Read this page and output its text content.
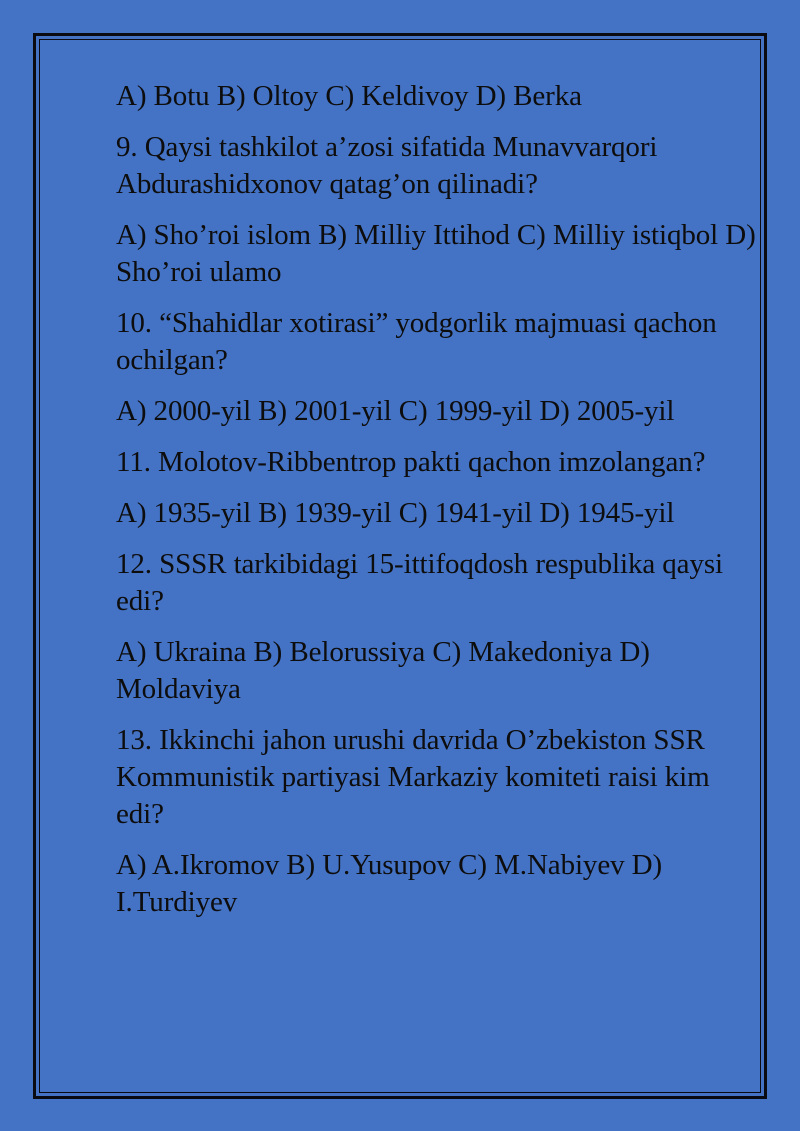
A) Botu B) Oltoy C) Keldivoy D) Berka

9. Qaysi tashkilot a’zosi sifatida Munavvarqori Abdurashidxonov qatag’on qilinadi?

A) Sho’roi islom B) Milliy Ittihod C) Milliy istiqbol D) Sho’roi ulamo

10. “Shahidlar xotirasi” yodgorlik majmuasi qachon ochilgan?

A) 2000-yil B) 2001-yil C) 1999-yil D) 2005-yil

11. Molotov-Ribbentrop pakti qachon imzolangan?

A) 1935-yil B) 1939-yil C) 1941-yil D) 1945-yil

12. SSSR tarkibidagi 15-ittifoqdosh respublika qaysi edi?

A) Ukraina B) Belorussiya C) Makedoniya D) Moldaviya

13. Ikkinchi jahon urushi davrida O’zbekiston SSR Kommunistik partiyasi Markaziy komiteti raisi kim edi?

A) A.Ikromov B) U.Yusupov C) M.Nabiyev D) I.Turdiyev
